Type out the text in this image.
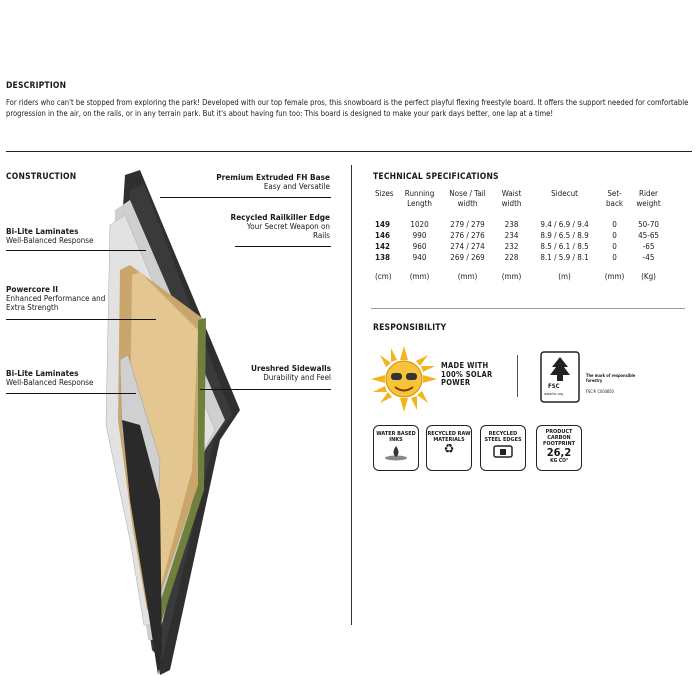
DESCRIPTION
For riders who can't be stopped from exploring the park! Developed with our top female pros, this snowboard is the perfect playful flexing freestyle board. It offers the support needed for comfortable progression in the air, on the rails, or in any terrain park. But it's about having fun too: This board is designed to make your park days better, one lap at a time!
CONSTRUCTION	Premium Extruded FH Base
Easy and Versatile
Recycled Railkiller Edge
Your Secret Weapon on Rails
Bi-Lite Laminates
Well-Balanced Response
Powercore II
Enhanced Performance and Extra Strength
Ureshred Sidewalls
Durability and Feel
Bi-Lite Laminates
Well-Balanced Response
TECHNICAL SPECIFICATIONS
Sizes	Running Length	Nose / Tail width	Waist width	Sidecut	Set-back	Rider weight
149	1020	279 / 279	238	9.4 / 6.9 / 9.4	0	50-70
146	990	276 / 276	234	8.9 / 6.5 / 8.9	0	45-65
142	960	274 / 274	232	8.5 / 6.1 / 8.5	0	-65
138	940	269 / 269	228	8.1 / 5.9 / 8.1	0	-45
(cm)	(mm)	(mm)	(mm)	(m)	(mm)	(Kg)
RESPONSIBILITY
MADE WITH 100% SOLAR POWER	FSC
www.fsc.org
The mark of responsible forestry
FSC® C004850
WATER BASED INKS
RECYCLED RAW MATERIALS
♻
RECYCLED STEEL EDGES
PRODUCT CARBON FOOTPRINT
26,2
KG CO²
